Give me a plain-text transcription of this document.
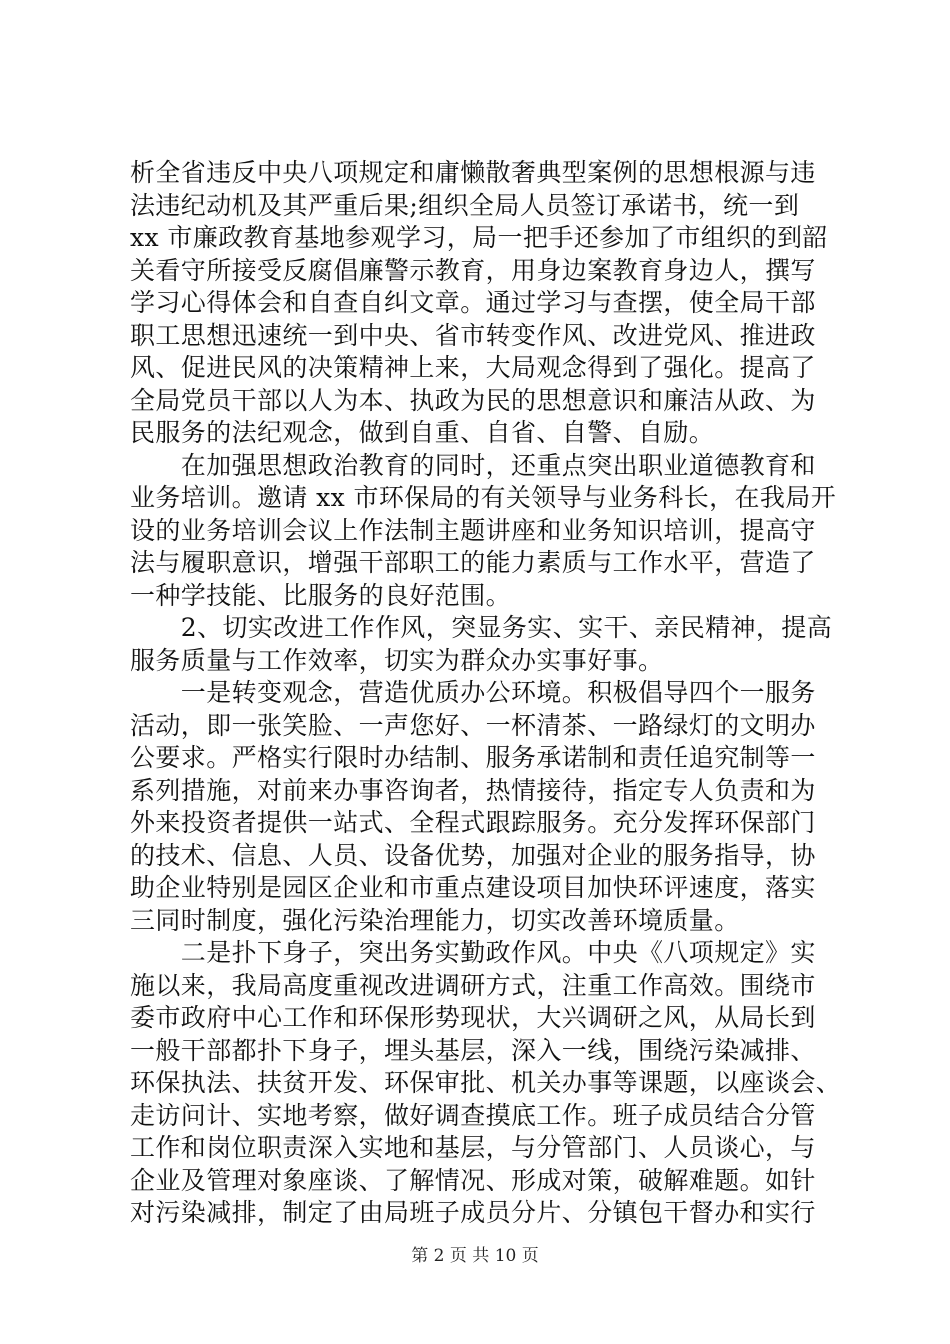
析全省违反中央八项规定和庸懒散奢典型案例的思想根源与违
法违纪动机及其严重后果;组织全局人员签订承诺书，统一到
xx 市廉政教育基地参观学习，局一把手还参加了市组织的到韶
关看守所接受反腐倡廉警示教育，用身边案教育身边人，撰写
学习心得体会和自查自纠文章。通过学习与查摆，使全局干部
职工思想迅速统一到中央、省市转变作风、改进党风、推进政
风、促进民风的决策精神上来，大局观念得到了强化。提高了
全局党员干部以人为本、执政为民的思想意识和廉洁从政、为
民服务的法纪观念，做到自重、自省、自警、自励。
　　在加强思想政治教育的同时，还重点突出职业道德教育和
业务培训。邀请 xx 市环保局的有关领导与业务科长，在我局开
设的业务培训会议上作法制主题讲座和业务知识培训，提高守
法与履职意识，增强干部职工的能力素质与工作水平，营造了
一种学技能、比服务的良好范围。
　　2、切实改进工作作风，突显务实、实干、亲民精神，提高
服务质量与工作效率，切实为群众办实事好事。
　　一是转变观念，营造优质办公环境。积极倡导四个一服务
活动，即一张笑脸、一声您好、一杯清茶、一路绿灯的文明办
公要求。严格实行限时办结制、服务承诺制和责任追究制等一
系列措施，对前来办事咨询者，热情接待，指定专人负责和为
外来投资者提供一站式、全程式跟踪服务。充分发挥环保部门
的技术、信息、人员、设备优势，加强对企业的服务指导，协
助企业特别是园区企业和市重点建设项目加快环评速度，落实
三同时制度，强化污染治理能力，切实改善环境质量。
　　二是扑下身子，突出务实勤政作风。中央《八项规定》实
施以来，我局高度重视改进调研方式，注重工作高效。围绕市
委市政府中心工作和环保形势现状，大兴调研之风，从局长到
一般干部都扑下身子，埋头基层，深入一线，围绕污染减排、
环保执法、扶贫开发、环保审批、机关办事等课题，以座谈会、
走访问计、实地考察，做好调查摸底工作。班子成员结合分管
工作和岗位职责深入实地和基层，与分管部门、人员谈心，与
企业及管理对象座谈、了解情况、形成对策，破解难题。如针
对污染减排，制定了由局班子成员分片、分镇包干督办和实行
第 2 页 共 10 页
